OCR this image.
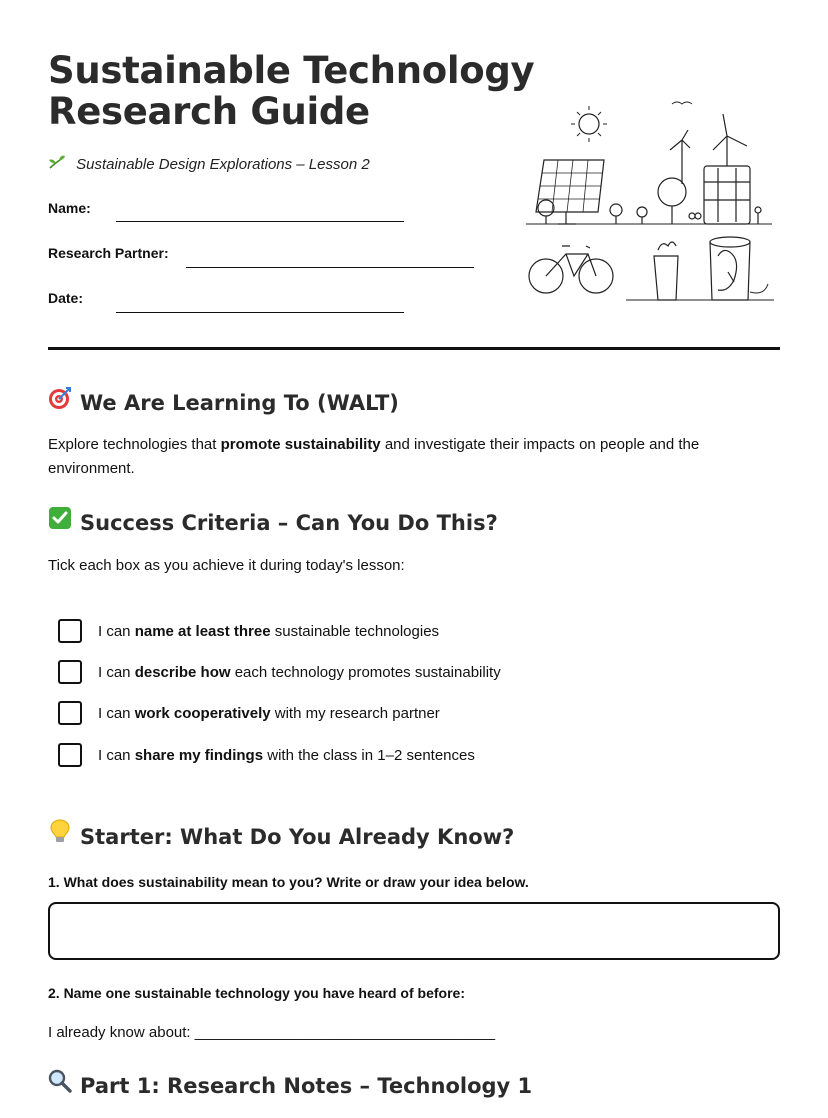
Sustainable Technology
Research Guide
Sustainable Design Explorations – Lesson 2
Name:
Research Partner:
Date:
We Are Learning To (WALT)
Explore technologies that promote sustainability and investigate their impacts on people and the environment.
Success Criteria – Can You Do This?
Tick each box as you achieve it during today's lesson:
I can name at least three sustainable technologies
I can describe how each technology promotes sustainability
I can work cooperatively with my research partner
I can share my findings with the class in 1–2 sentences
Starter: What Do You Already Know?
1. What does sustainability mean to you? Write or draw your idea below.
2. Name one sustainable technology you have heard of before:
I already know about: ____________________________________
Part 1: Research Notes – Technology 1
